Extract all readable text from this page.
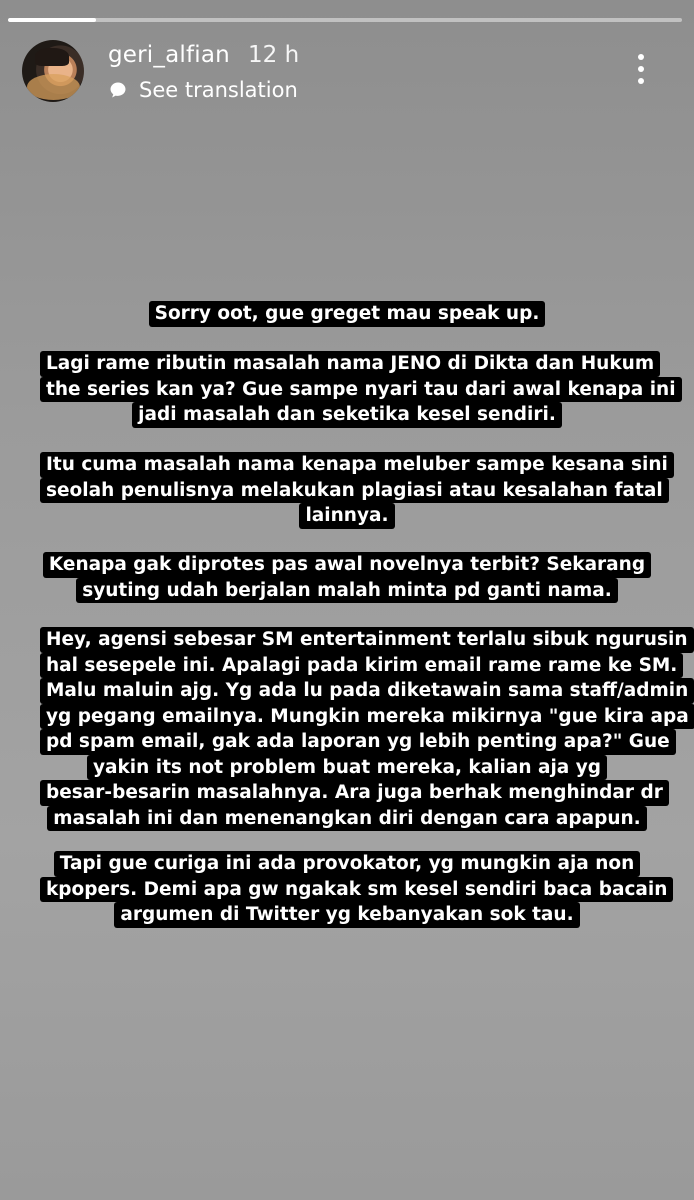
geri_alfian 12 h
See translation
Sorry oot, gue greget mau speak up.
Lagi rame ributin masalah nama JENO di Dikta dan Hukum
the series kan ya? Gue sampe nyari tau dari awal kenapa ini
jadi masalah dan seketika kesel sendiri.
Itu cuma masalah nama kenapa meluber sampe kesana sini
seolah penulisnya melakukan plagiasi atau kesalahan fatal
lainnya.
Kenapa gak diprotes pas awal novelnya terbit? Sekarang
syuting udah berjalan malah minta pd ganti nama.
Hey, agensi sebesar SM entertainment terlalu sibuk ngurusin
hal sesepele ini. Apalagi pada kirim email rame rame ke SM.
Malu maluin ajg. Yg ada lu pada diketawain sama staff/admin
yg pegang emailnya. Mungkin mereka mikirnya "gue kira apa
pd spam email, gak ada laporan yg lebih penting apa?" Gue
yakin its not problem buat mereka, kalian aja yg
besar-besarin masalahnya. Ara juga berhak menghindar dr
masalah ini dan menenangkan diri dengan cara apapun.
Tapi gue curiga ini ada provokator, yg mungkin aja non
kpopers. Demi apa gw ngakak sm kesel sendiri baca bacain
argumen di Twitter yg kebanyakan sok tau.
